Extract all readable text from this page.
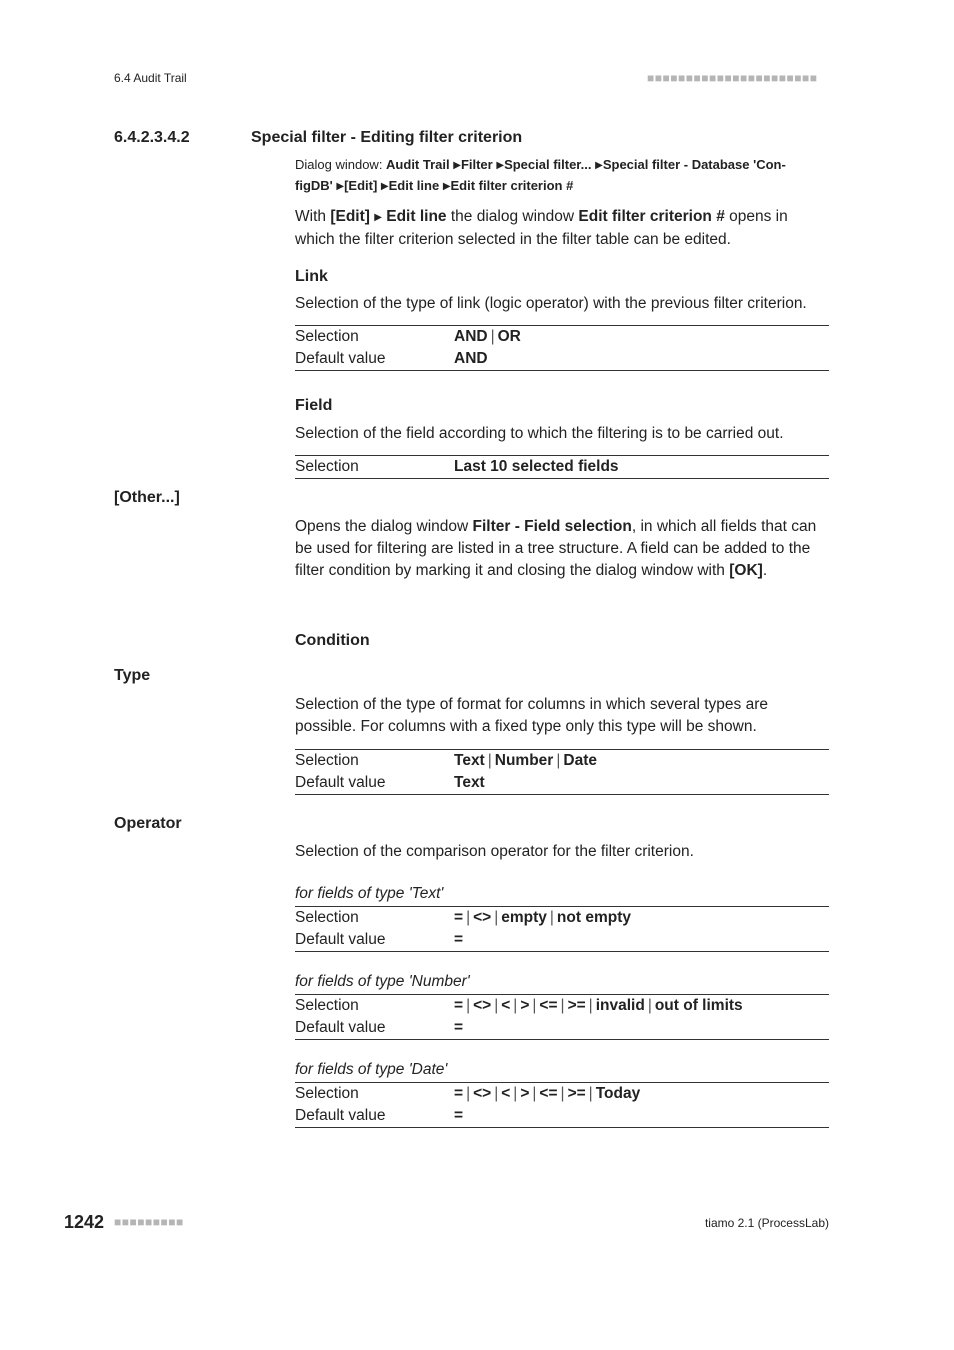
6.4 Audit Trail	■■■■■■■■■■■■■■■■■■■■■■
6.4.2.3.4.2	Special filter - Editing filter criterion
Dialog window: Audit Trail ▶Filter ▶Special filter... ▶Special filter - Database 'Con-
figDB' ▶[Edit] ▶Edit line ▶Edit filter criterion #
With [Edit] ▶ Edit line the dialog window Edit filter criterion # opens in which the filter criterion selected in the filter table can be edited.
Link
Selection of the type of link (logic operator) with the previous filter criterion.
Selection	AND | OR
Default value	AND
Field
Selection of the field according to which the filtering is to be carried out.
Selection	Last 10 selected fields
[Other...]
Opens the dialog window Filter - Field selection, in which all fields that can be used for filtering are listed in a tree structure. A field can be added to the filter condition by marking it and closing the dialog window with [OK].
Condition
Type
Selection of the type of format for columns in which several types are possible. For columns with a fixed type only this type will be shown.
Selection	Text | Number | Date
Default value	Text
Operator
Selection of the comparison operator for the filter criterion.
for fields of type 'Text'
Selection	= | <> | empty | not empty
Default value	=
for fields of type 'Number'
Selection	= | <> | < | > | <= | >= | invalid | out of limits
Default value	=
for fields of type 'Date'
Selection	= | <> | < | > | <= | >= | Today
Default value	=
1242 ■■■■■■■■■	tiamo 2.1 (ProcessLab)
